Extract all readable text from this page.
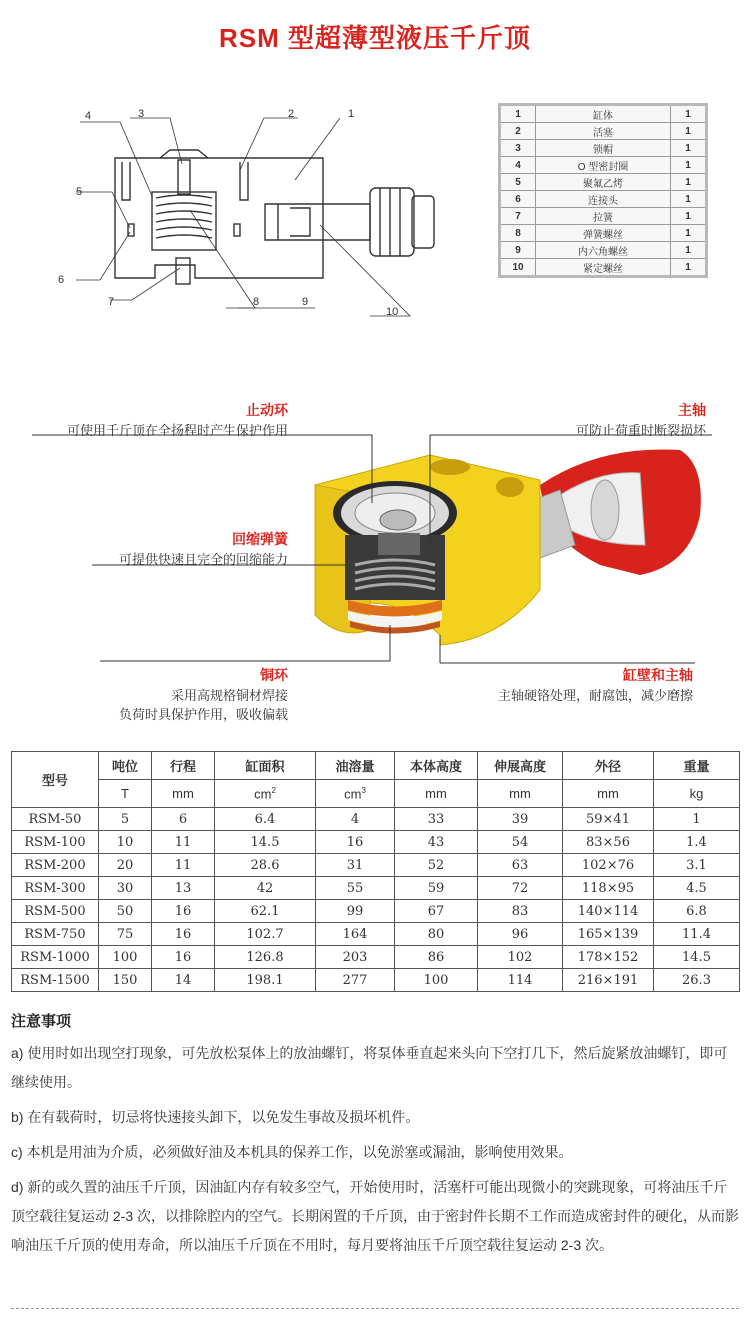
RSM 型超薄型液压千斤顶
4	3	2	1
5
6
7	8	9
10
1	缸体	1
2	活塞	1
3	锁帽	1
4	O 型密封圈	1
5	聚氟乙烤	1
6	连接头	1
7	拉簧	1
8	弹簧螺丝	1
9	内六角螺丝	1
10	紧定螺丝	1
止动环
可使用千斤顶在全扬程时产生保护作用
主轴
可防止荷重时断裂损坏
回缩弹簧
可提供快速且完全的回缩能力
铜环
采用高规格铜材焊接
负荷时具保护作用，吸收偏载
缸壁和主轴
主轴硬铬处理，耐腐蚀，减少磨擦
型号	吨位	行程	缸面积	油溶量	本体高度	伸展高度	外径	重量
	T	mm	$cm^2$	$cm^3$	mm	mm	mm	kg
RSM-50	5	6	6.4	4	33	39	59×41	1
RSM-100	10	11	14.5	16	43	54	83×56	1.4
RSM-200	20	11	28.6	31	52	63	102×76	3.1
RSM-300	30	13	42	55	59	72	118×95	4.5
RSM-500	50	16	62.1	99	67	83	140×114	6.8
RSM-750	75	16	102.7	164	80	96	165×139	11.4
RSM-1000	100	16	126.8	203	86	102	178×152	14.5
RSM-1500	150	14	198.1	277	100	114	216×191	26.3
注意事项

a) 使用时如出现空打现象，可先放松泵体上的放油螺钉，将泵体垂直起来头向下空打几下，然后旋紧放油螺钉，即可继续使用。

b) 在有载荷时，切忌将快速接头卸下，以免发生事故及损坏机件。

c) 本机是用油为介质，必须做好油及本机具的保养工作，以免淤塞或漏油，影响使用效果。

d) 新的或久置的油压千斤顶，因油缸内存有较多空气，开始使用时，活塞杆可能出现微小的突跳现象，可将油压千斤顶空载往复运动 2-3 次，以排除腔内的空气。长期闲置的千斤顶，由于密封件长期不工作而造成密封件的硬化，从而影响油压千斤顶的使用寿命，所以油压千斤顶在不用时，每月要将油压千斤顶空载往复运动 2-3 次。
